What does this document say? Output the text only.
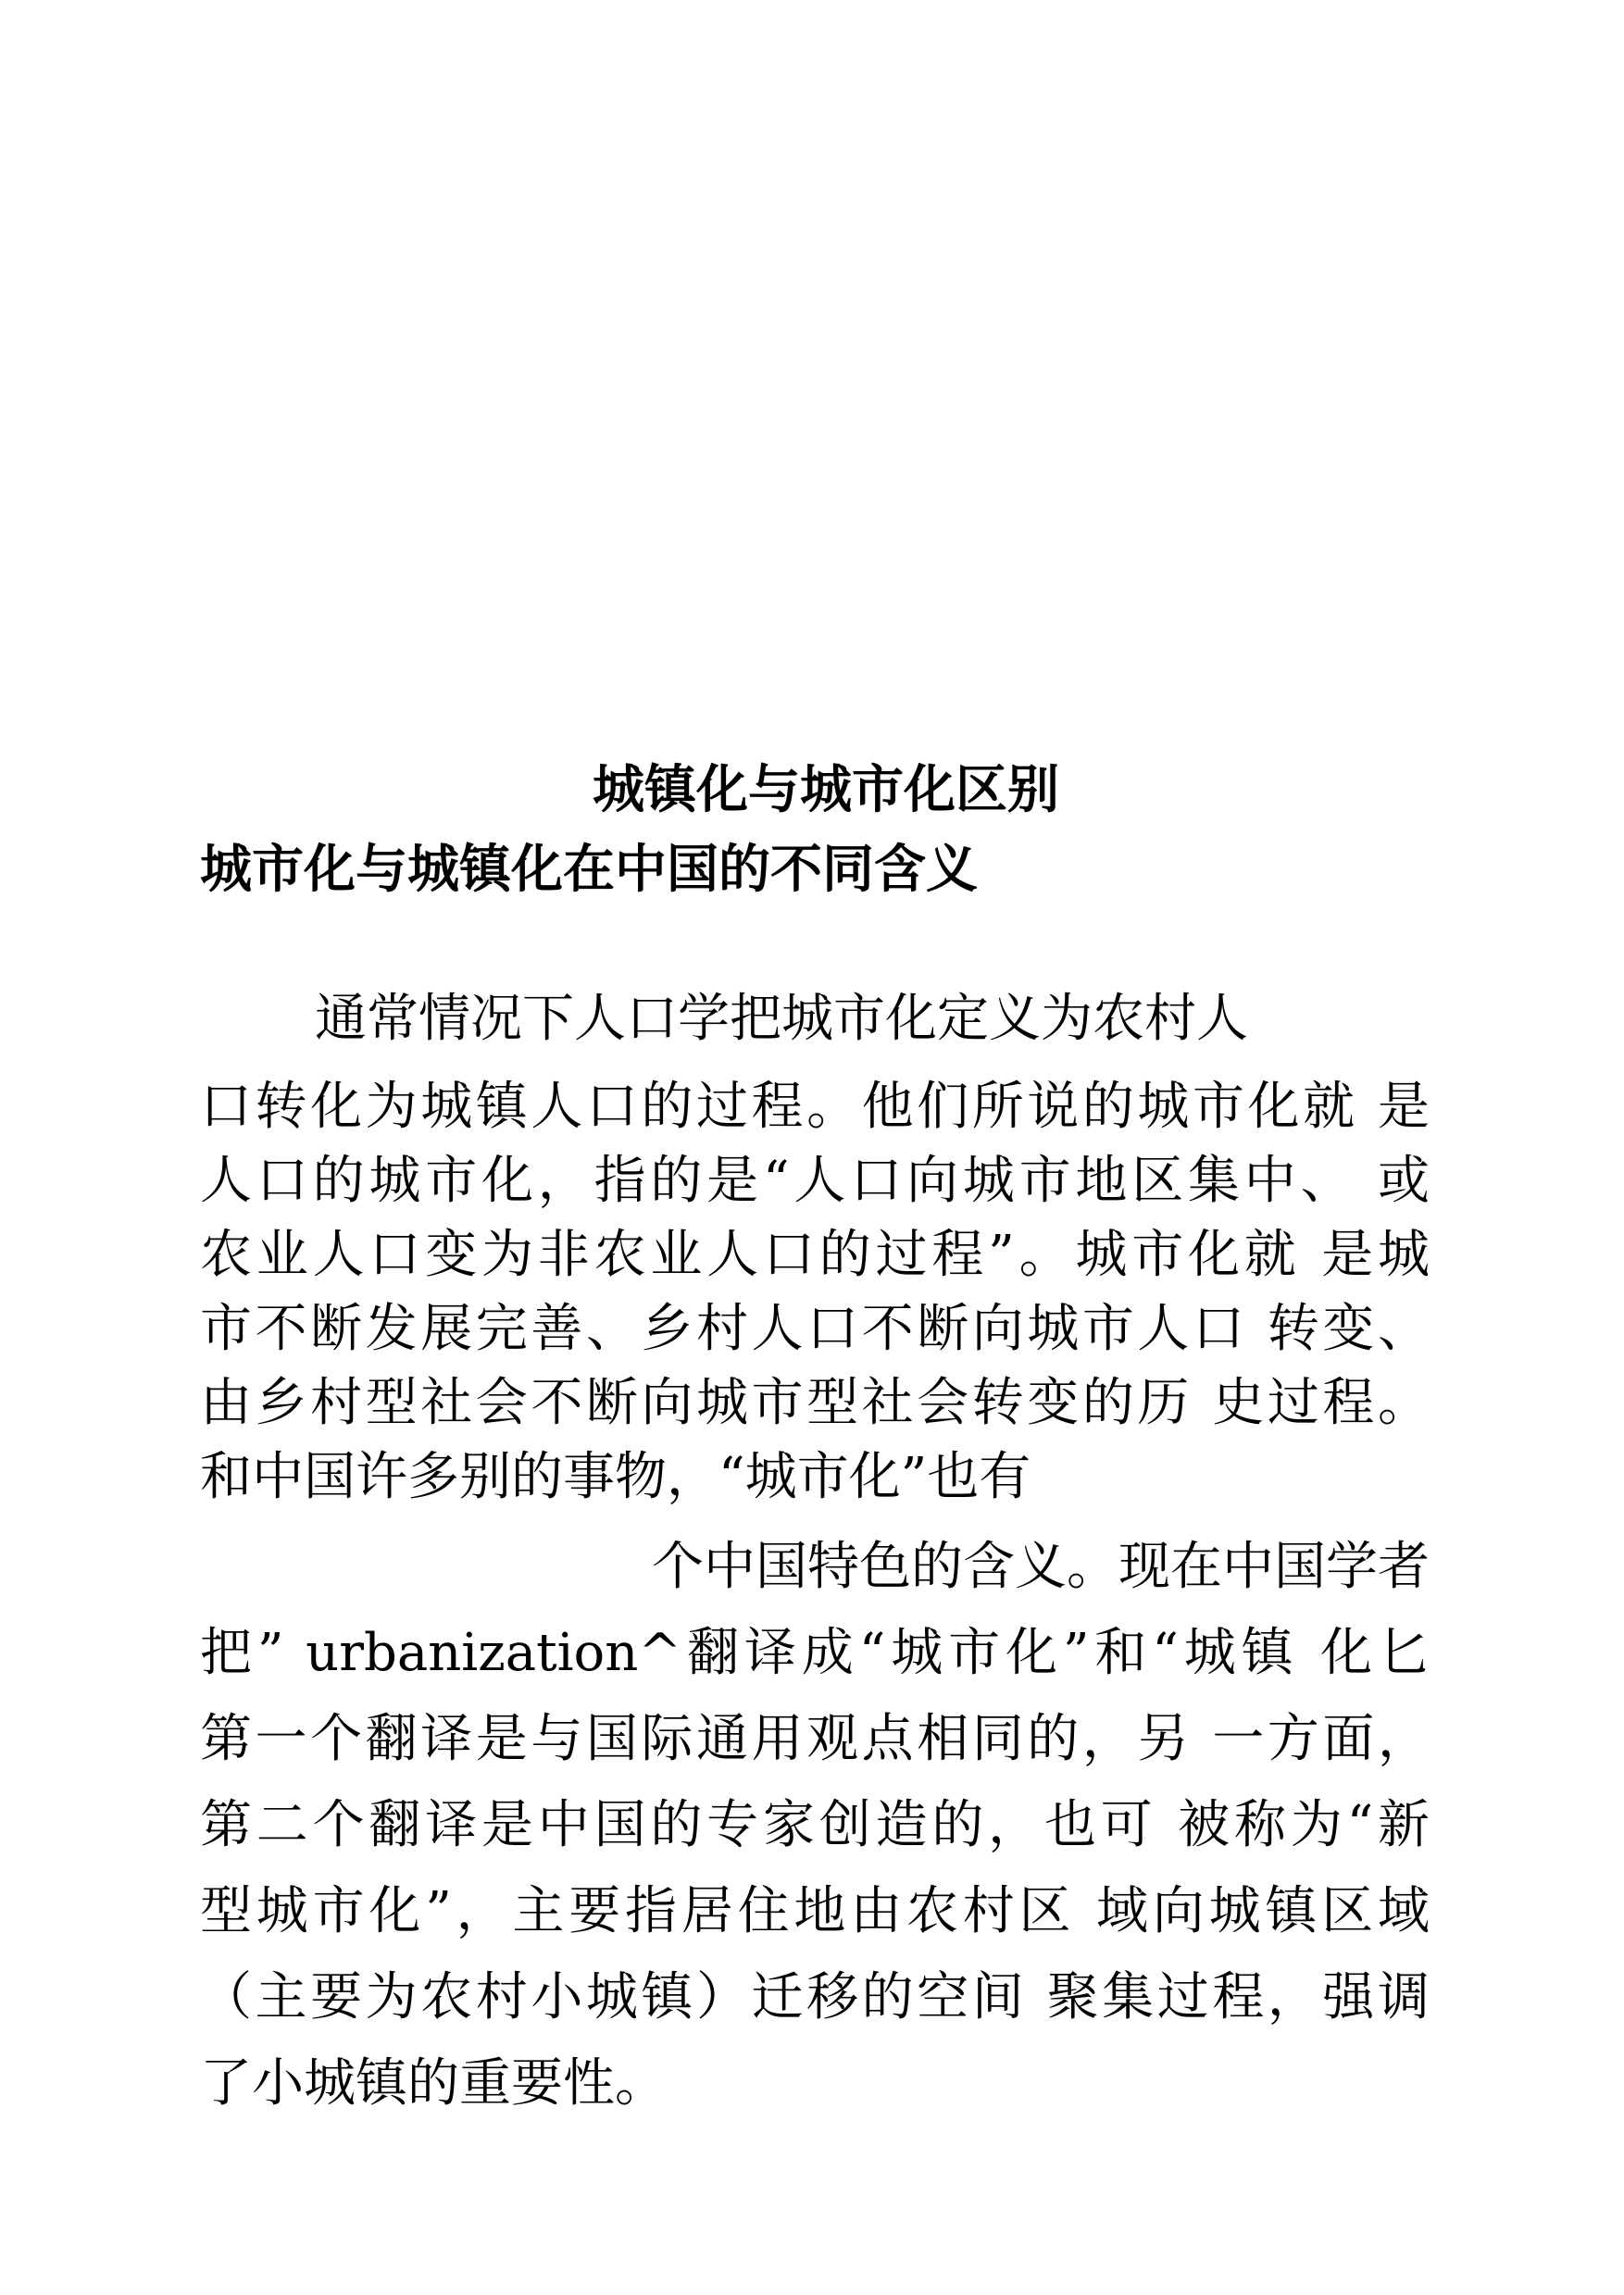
城镇化与城市化区别
城市化与城镇化在中国的不同含义

通常情况下人口学把城市化定义为农村人

口转化为城镇人口的过程。他们所说的城市化就 是

人口的城市化，指的是“人口向城市地区集中、 或

农业人口变为非农业人口的过程”。城市化就 是城

市不断发展完善、乡村人口不断向城市人口 转变、

由乡村型社会不断向城市型社会转变的历 史过程。

和中国许多别的事物，“城市化”也有

个中国特色的含义。现在中国学者

把” urbanization^翻译成“城市化”和“城镇 化匕

第一个翻译是与国际通用观点相同的，另 一方面，

第二个翻译是中国的专家创造的，也可 被称为“新

型城市化”，主要指居住地由农村区 域向城镇区域

（主要为农村小城镇）迁移的空间 聚集过程，强调

了小城镇的重要性。
